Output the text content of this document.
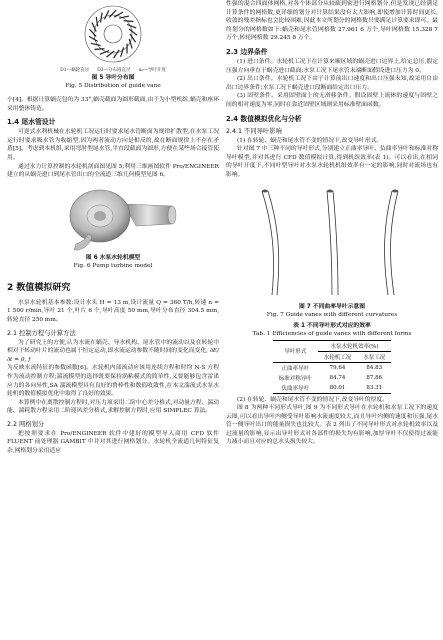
D1—蜗轮直径 D3—分布圆直径 α₀—导叶开度
图 5 导叶分布图
Fig. 5 Distribution of guide vane

小[4]。根据计算蜗壳包角为 33°,蜗壳截面为圆形截面,由于为小型机组,蜗壳和座环采用整体铸造。

1.4 尾水管设计

可逆式水利机械在水轮机工况运行时要求尾水管断面为规律扩散型,在水泵工况运行时要求吸水管为收缩型,因为两者流动方向是相反的,故在断面规律上不存在矛盾[5]。考虑到本机组,采用弯肘型尾水管,平直段截面为圆形,方便在某些场合接管使用。

通过水力计算控制的水轮机剖面图见图 5;利用三维画图软件 Pro/ENGINEER 建立的从蜗壳进口到尾水管出口的全流道三维几何模型见图 6。

图 6 水泵水轮机模型
Fig. 6 Pump turbine model
2 数值模拟研究

水泵水轮机基本参数:设计水头 H = 13 m,设计流量 Q = 360 T/h,转速 n = 1 500 r/min,导叶 21 个,叶片 6 个,导叶高度 50 mm,导叶分布直径 304.5 mm,转轮直径 250 mm。

2.1 控制方程与计算方法

为了研究上的方便,认为水流在蜗壳、导水机构、尾水管中的流动以及在转轮中相对于转动叶片的流动也属于恒定运动,即水流运动参数不随时间的变化而变化, ∂E/∂t = 0, f

为反映水流特征的参数函数[6]。水轮机内部流动应该用连续方程和时均 N-S 方程作为流动控制方程;湍流模型的选择既要保持涡粘模式的简单性,又要能够包含雷诺应力的各向异性,SA 湍流模型具有良好的鲁棒性和数值收敛性,在本文湍流式水泵水轮机的数值模拟优化中取得了良好的效果。

本算例中在离散控制方程时,对压力项采用二阶中心差分格式,对动量方程、湍动能、湍耗散方程采用二阶迎风差分格式,求解控制方程时,应用 SIMPLEC 算法。

2.2 网格划分

把按照要求在 Pro/ENGINEER 软件中建好的模型导入商用 CFD 软件 FLUENT 前处理器 GAMBIT 中并对其进行网格划分。水轮机全流道几何特征复杂,网格划分采用适应

性强的混合四面体网格,对各个体部分从较疏到密进行网格划分,但是发现已经满足计算条件的网格数,更详细的划分对计算结果没有太大影响,即使增加计算时间更长,收敛的残差指标也会比较困难,因此本文所划分的网格数只要满足计算要求即可。最终划分的网格数如下:蜗壳和尾水管网格数 27.961 6 万个,导叶网格数 15.328 7 万个,转轮网格数 29.245 8 万个。

2.3 边界条件

(1) 进口条件。水轮机工况下在计算来顺区域的蜗壳进口边界上,给定总压,假定压强方向垂直于蜗壳进口截面;水泵工况下尾水管末端断面假设进口压力为 0。

(2) 出口条件。水轮机工况下由于计算前出口速度和出口压强未知,故采用自由出口边界条件;水泵工况下蜗壳进口段断面给定出口压力。

(3) 固壁条件。采用固壁面上的无滑移条件。假设固壁上流体的速度与固壁之间的相对速度为零,同时在靠近固壁区域则采用标准壁面函数。

2.4 数值模拟优化与分析
2.4.1 不同导叶影响

(1) 在转轮、蜗壳和尾水管不变的情况下,改变导叶形式。

针对图 7 中三种不同的导叶形式,分别建立正曲率导叶、负曲率导叶和标准对称导叶模型,并对其进行 CFD 数值模拟计算,得到机组效率(表 1)。可以看出,在相同的导叶开度下,不同叶型导叶对水泵水轮机机组效率有一定的影响,同时对流场也有影响。

图 7 不同曲率导叶示意图
Fig. 7 Guide vanes with different curvatures
表 1 不同导叶形式对应的效率
Tab. 1 Efficiencies of guide vanes with different forms
导叶形式	水泵水轮机效率(%)	
	水轮机工况	水泵工况
正曲率导叶	79.64	84.83
标准对称导叶	84.74	87.86
负曲率导叶	80.01	83.31

(2) 在转轮、蜗壳和尾水管不变的情况下,改变导叶的厚度。

图 8 为两种不同形式导叶,图 9 为不同形式导叶在水轮机和水泵工况下的速度云图,可以看出导叶内侧受导叶影响水流速度较大,而且导叶内侧的速度和压强,尾水管一侧导叶出口的能量损失也比较大。表 2 列出了不同导叶形式对水轮机效率以及过流量的影响,显示出导叶形式对各部件的损失均有影响,加厚导叶不仅使得过流能力减小而且对应的总水头损失较大。
